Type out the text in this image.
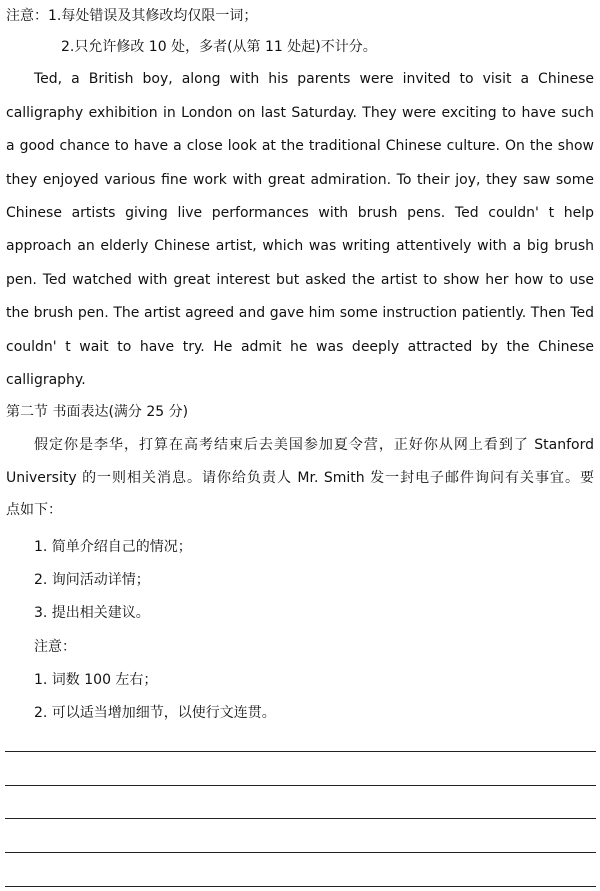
注意：1.每处错误及其修改均仅限一词；
2.只允许修改 10 处，多者(从第 11 处起)不计分。
Ted, a British boy, along with his parents were invited to visit a Chinese
calligraphy exhibition in London on last Saturday. They were exciting to have such
a good chance to have a close look at the traditional Chinese culture. On the show
they enjoyed various fine work with great admiration. To their joy, they saw some
Chinese artists giving live performances with brush pens. Ted couldn' t help
approach an elderly Chinese artist, which was writing attentively with a big brush
pen. Ted watched with great interest but asked the artist to show her how to use
the brush pen. The artist agreed and gave him some instruction patiently. Then Ted
couldn' t wait to have try. He admit he was deeply attracted by the Chinese
calligraphy.
第二节 书面表达(满分 25 分)
假定你是李华，打算在高考结束后去美国参加夏令营，正好你从网上看到了 Stanford
University 的一则相关消息。请你给负责人 Mr. Smith 发一封电子邮件询问有关事宜。要
点如下：
1. 简单介绍自己的情况；
2. 询问活动详情；
3. 提出相关建议。
注意：
1. 词数 100 左右；
2. 可以适当增加细节，以使行文连贯。
